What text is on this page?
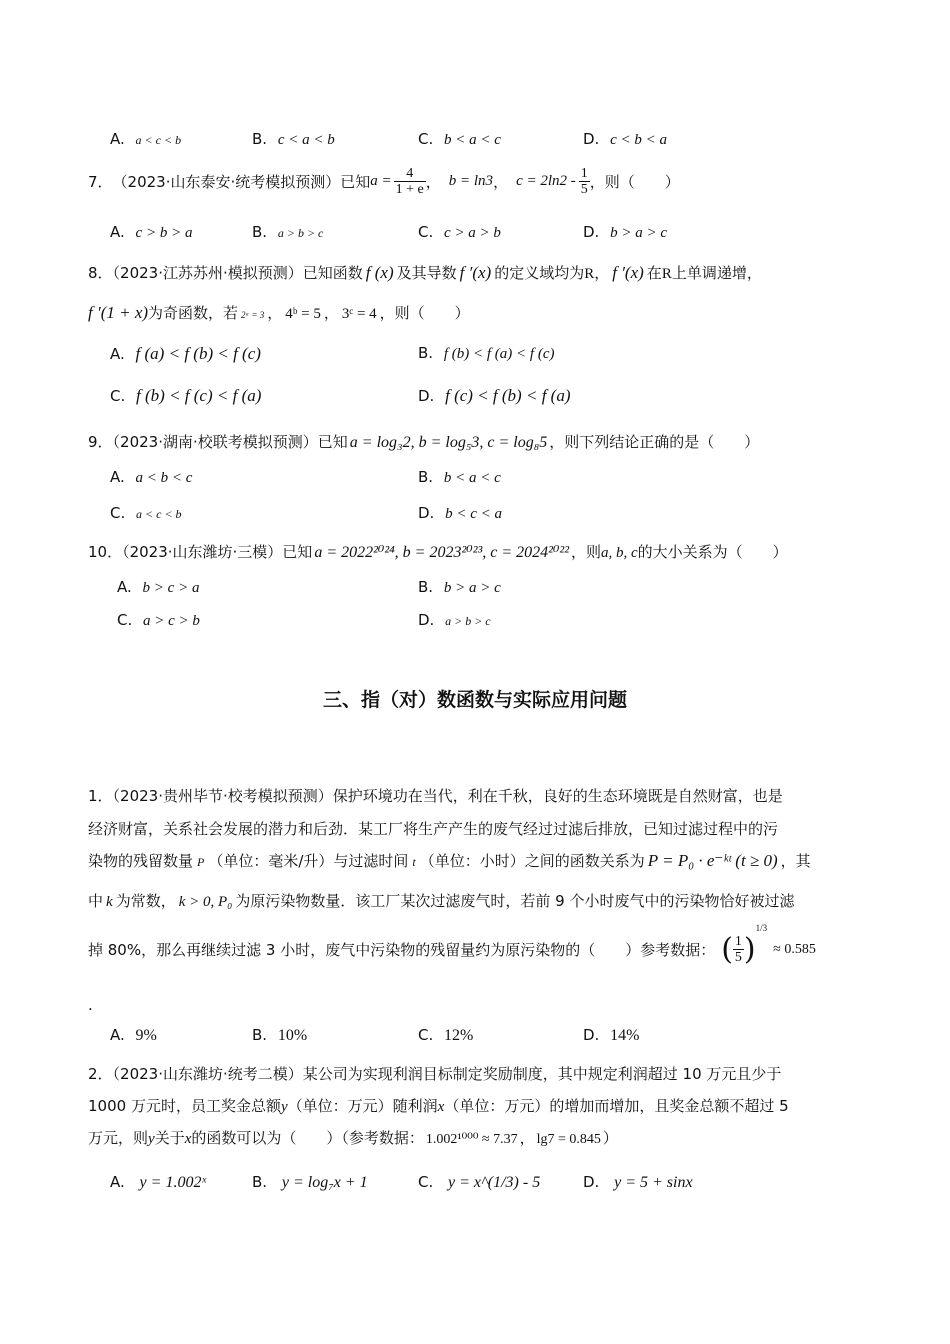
A. a < c < b	B. c < a < b	C. b < a < c	D. c < b < a
7． （2023·山东泰安·统考模拟预测）已知 $a = \frac{4}{1 + e}$ ， b = ln3 ， $c = 2\ln 2 - \frac{1}{5}$ ，则（　　）
A. c > b > a	B. a > b > c	C. c > a > b	D. b > a > c
8．（2023·江苏苏州·模拟预测）已知函数 f (x) 及其导数 f ′(x) 的定义域均为R， f ′(x) 在R上单调递增，
f ′(1 + x)为奇函数，若 2ᵃ = 3 ， 4ᵇ = 5 ， 3ᶜ = 4 ，则（　　）
A. f (a) < f (b) < f (c)	B. f (b) < f (a) < f (c)
C. f (b) < f (c) < f (a)	D. f (c) < f (b) < f (a)
9．（2023·湖南·校联考模拟预测）已知 a = log₃2, b = log₅3, c = log₈5 ，则下列结论正确的是（　　）
A. a < b < c	B. b < a < c
C. a < c < b	D. b < c < a
10．（2023·山东潍坊·三模）已知 a = 2022²⁰²⁴, b = 2023²⁰²³, c = 2024²⁰²² ，则a, b, c的大小关系为（　　）
A. b > c > a	B. b > a > c
C. a > c > b	D. a > b > c
三、指（对）数函数与实际应用问题
1．（2023·贵州毕节·校考模拟预测）保护环境功在当代，利在千秋，良好的生态环境既是自然财富，也是
经济财富，关系社会发展的潜力和后劲．某工厂将生产产生的废气经过过滤后排放，已知过滤过程中的污
染物的残留数量 P （单位：毫米/升）与过滤时间 t （单位：小时）之间的函数关系为 P = P₀ · e⁻ᵏᵗ (t ≥ 0) ，其
中 k 为常数， k > 0, P₀ 为原污染物数量．该工厂某次过滤废气时，若前 9 个小时废气中的污染物恰好被过滤
掉 80%，那么再继续过滤 3 小时，废气中污染物的残留量约为原污染物的（　　）参考数据： ( $\frac{1}{5}$ )
1/3
≈ 0.585
.
A. 9%	B. 10%	C. 12%	D. 14%
2．（2023·山东潍坊·统考二模）某公司为实现利润目标制定奖励制度，其中规定利润超过 10 万元且少于
1000 万元时，员工奖金总额y（单位：万元）随利润x（单位：万元）的增加而增加，且奖金总额不超过 5
万元，则y关于x的函数可以为（　　）（参考数据： 1.002¹⁰⁰⁰ ≈ 7.37 ， lg7 = 0.845 ）
A. y = 1.002ˣ	B. y = log₇x + 1	C. y = x^(1/3) - 5	D. y = 5 + sinx
